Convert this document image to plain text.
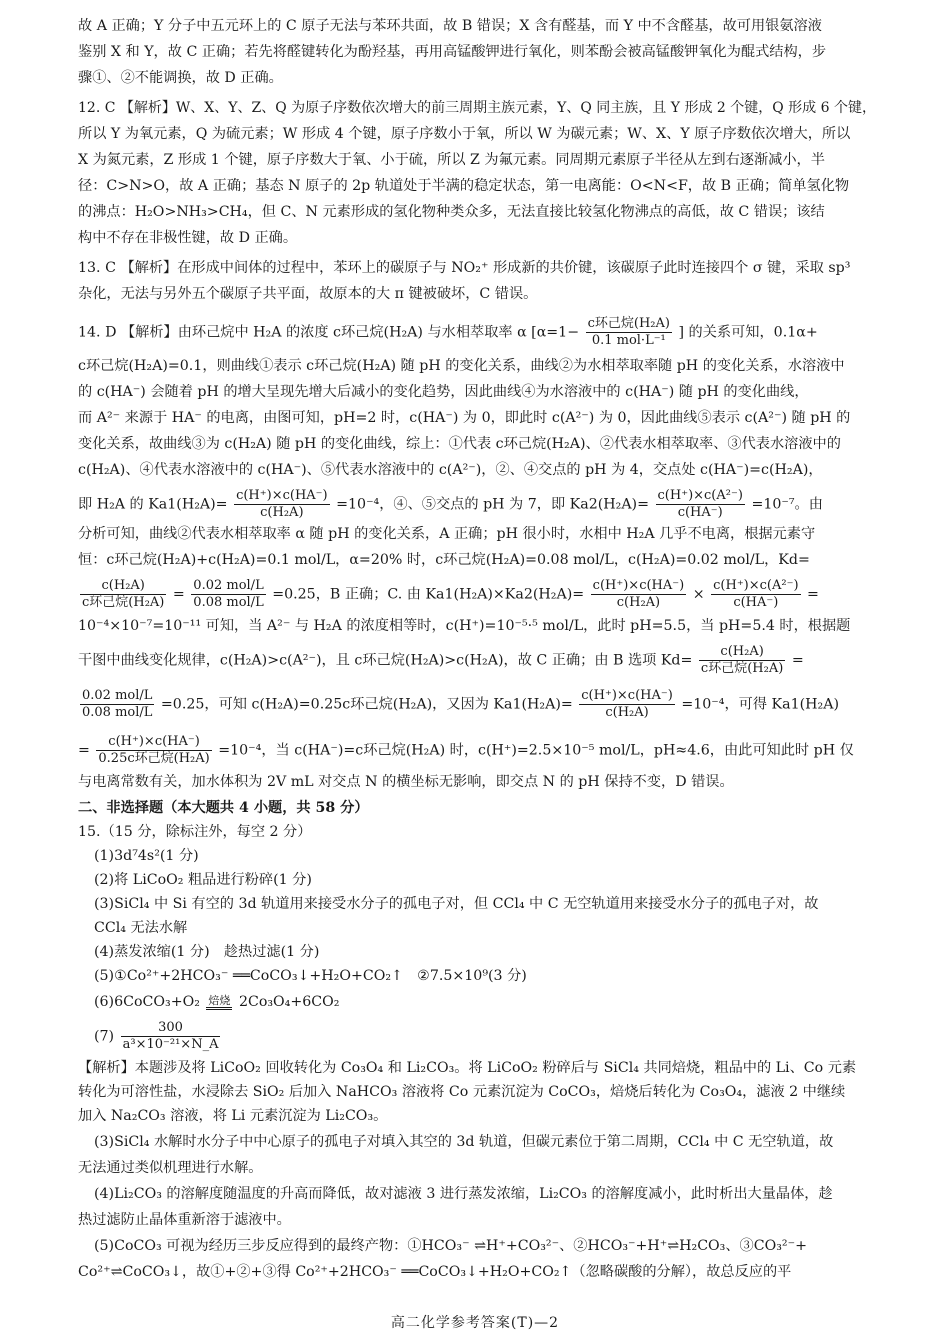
故 A 正确；Y 分子中五元环上的 C 原子无法与苯环共面，故 B 错误；X 含有醛基，而 Y 中不含醛基，故可用银氨溶液
鉴别 X 和 Y，故 C 正确；若先将醛键转化为酚羟基，再用高锰酸钾进行氧化，则苯酚会被高锰酸钾氧化为醌式结构，步
骤①、②不能调换，故 D 正确。
12. C 【解析】W、X、Y、Z、Q 为原子序数依次增大的前三周期主族元素，Y、Q 同主族，且 Y 形成 2 个键，Q 形成 6 个键，
所以 Y 为氧元素，Q 为硫元素；W 形成 4 个键，原子序数小于氧，所以 W 为碳元素；W、X、Y 原子序数依次增大，所以
X 为氮元素，Z 形成 1 个键，原子序数大于氧、小于硫，所以 Z 为氟元素。同周期元素原子半径从左到右逐渐减小，半
径：C>N>O，故 A 正确；基态 N 原子的 2p 轨道处于半满的稳定状态，第一电离能：O<N<F，故 B 正确；简单氢化物
的沸点：H₂O>NH₃>CH₄，但 C、N 元素形成的氢化物种类众多，无法直接比较氢化物沸点的高低，故 C 错误；该结
构中不存在非极性键，故 D 正确。
13. C 【解析】在形成中间体的过程中，苯环上的碳原子与 NO₂⁺ 形成新的共价键，该碳原子此时连接四个 σ 键，采取 sp³
杂化，无法与另外五个碳原子共平面，故原本的大 π 键被破坏，C 错误。
14. D 【解析】由环己烷中 H₂A 的浓度 c环己烷(H₂A) 与水相萃取率 α [$\alpha=1- \frac{\text{c环己烷(H₂A)}}{\text{0.1 mol·L⁻¹}}$ ] 的关系可知，0.1α+
c环己烷(H₂A)=0.1，则曲线①表示 c环己烷(H₂A) 随 pH 的变化关系，曲线②为水相萃取率随 pH 的变化关系，水溶液中
的 c(HA⁻) 会随着 pH 的增大呈现先增大后减小的变化趋势，因此曲线④为水溶液中的 c(HA⁻) 随 pH 的变化曲线，
而 A²⁻ 来源于 HA⁻ 的电离，由图可知，pH=2 时，c(HA⁻) 为 0，即此时 c(A²⁻) 为 0，因此曲线⑤表示 c(A²⁻) 随 pH 的
变化关系，故曲线③为 c(H₂A) 随 pH 的变化曲线，综上：①代表 c环己烷(H₂A)、②代表水相萃取率、③代表水溶液中的
c(H₂A)、④代表水溶液中的 c(HA⁻)、⑤代表水溶液中的 c(A²⁻)，②、④交点的 pH 为 4，交点处 c(HA⁻)=c(H₂A)，
即 H₂A 的 $Ka1(H_2A)= \frac{c(H^+)\times c(HA^-)}{\text{c(H₂A)}} =10^{-4}$，④、⑤交点的 pH 为 7，即 $Ka2(H_2A)= \frac{\text{c(H⁺)×c(A²⁻)}}{c(HA^-)} =10^{-7}$。由
分析可知，曲线②代表水相萃取率 α 随 pH 的变化关系，A 正确；pH 很小时，水相中 H₂A 几乎不电离，根据元素守
恒：c环己烷(H₂A)+c(H₂A)=0.1 mol/L，α=20% 时，c环己烷(H₂A)=0.08 mol/L，c(H₂A)=0.02 mol/L，Kd=
$\frac{\text{c(H₂A)}}{\text{c环己烷(H₂A)}} = \frac{\text{0.02 mol/L}}{\text{0.08 mol/L}} =0.25$，B 正确；C. 由 $Ka1(H_2A)\times Ka2(H_2A)= \frac{c(H^+)\times c(HA^-)}{\text{c(H₂A)}} \times \frac{\text{c(H⁺)×c(A²⁻)}}{c(HA^-)}$ =
10⁻⁴×10⁻⁷=10⁻¹¹ 可知，当 A²⁻ 与 H₂A 的浓度相等时，c(H⁺)=10⁻⁵·⁵ mol/L，此时 pH=5.5，当 pH=5.4 时，根据题
干图中曲线变化规律，c(H₂A)>c(A²⁻)，且 c环己烷(H₂A)>c(H₂A)，故 C 正确；由 B 选项 $Kd= \frac{\text{c(H₂A)}}{\text{c环己烷(H₂A)}}$ =
$\frac{\text{0.02 mol/L}}{\text{0.08 mol/L}} =0.25$，可知 c(H₂A)=0.25c环己烷(H₂A)，又因为 $Ka1(H_2A)= \frac{c(H^+)\times c(HA^-)}{\text{c(H₂A)}} =10^{-4}$，可得 Ka1(H₂A)
= $\frac{c(H^+)\times c(HA^-)}{\text{0.25c环己烷(H₂A)}} =10^{-4}$，当 c(HA⁻)=c环己烷(H₂A) 时，c(H⁺)=2.5×10⁻⁵ mol/L，pH≈4.6，由此可知此时 pH 仅
与电离常数有关，加水体积为 2V mL 对交点 N 的横坐标无影响，即交点 N 的 pH 保持不变，D 错误。
二、非选择题（本大题共 4 小题，共 58 分）
15.（15 分，除标注外，每空 2 分）
(1)3d⁷4s²(1 分)
(2)将 LiCoO₂ 粗品进行粉碎(1 分)
(3)SiCl₄ 中 Si 有空的 3d 轨道用来接受水分子的孤电子对，但 CCl₄ 中 C 无空轨道用来接受水分子的孤电子对，故
CCl₄ 无法水解
(4)蒸发浓缩(1 分)　趁热过滤(1 分)
(5)①Co²⁺+2HCO₃⁻ ══CoCO₃↓+H₂O+CO₂↑　②7.5×10⁹(3 分)
(6)6CoCO₃+O₂ 焙烧 2Co₃O₄+6CO₂
$(7) \frac{300}{\text{a³×10⁻²¹×N\_A}}$
【解析】本题涉及将 LiCoO₂ 回收转化为 Co₃O₄ 和 Li₂CO₃。将 LiCoO₂ 粉碎后与 SiCl₄ 共同焙烧，粗品中的 Li、Co 元素
转化为可溶性盐，水浸除去 SiO₂ 后加入 NaHCO₃ 溶液将 Co 元素沉淀为 CoCO₃，焙烧后转化为 Co₃O₄，滤液 2 中继续
加入 Na₂CO₃ 溶液，将 Li 元素沉淀为 Li₂CO₃。
(3)SiCl₄ 水解时水分子中中心原子的孤电子对填入其空的 3d 轨道，但碳元素位于第二周期，CCl₄ 中 C 无空轨道，故
无法通过类似机理进行水解。
(4)Li₂CO₃ 的溶解度随温度的升高而降低，故对滤液 3 进行蒸发浓缩，Li₂CO₃ 的溶解度减小，此时析出大量晶体，趁
热过滤防止晶体重新溶于滤液中。
(5)CoCO₃ 可视为经历三步反应得到的最终产物：①HCO₃⁻ ⇌H⁺+CO₃²⁻、②HCO₃⁻+H⁺⇌H₂CO₃、③CO₃²⁻+
Co²⁺⇌CoCO₃↓，故①+②+③得 Co²⁺+2HCO₃⁻ ══CoCO₃↓+H₂O+CO₂↑（忽略碳酸的分解），故总反应的平
高二化学参考答案(T)—2
